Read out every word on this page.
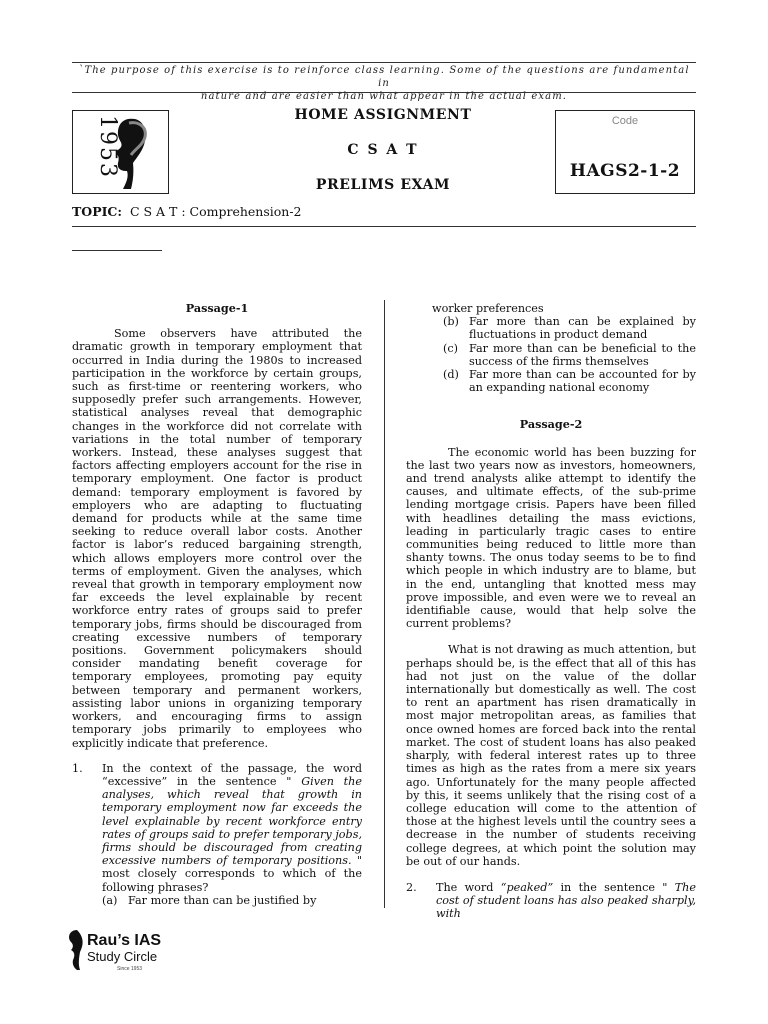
`The purpose of this exercise is to reinforce class learning. Some of the questions are fundamental in
nature and are easier than what appear in the actual exam.
1953	HOME ASSIGNMENT
C S A T
PRELIMS EXAM
Code
HAGS2-1-2
TOPIC: C S A T : Comprehension-2

Passage-1

Some observers have attributed the dramatic growth in temporary employment that occurred in India during the 1980s to increased participation in the workforce by certain groups, such as first-time or reentering workers, who supposedly prefer such arrangements. However, statistical analyses reveal that demographic changes in the workforce did not correlate with variations in the total number of temporary workers. Instead, these analyses suggest that factors affecting employers account for the rise in temporary employment. One factor is product demand: temporary employment is favored by employers who are adapting to fluctuating demand for products while at the same time seeking to reduce overall labor costs. Another factor is labor’s reduced bargaining strength, which allows employers more control over the terms of employment. Given the analyses, which reveal that growth in temporary employment now far exceeds the level explainable by recent workforce entry rates of groups said to prefer temporary jobs, firms should be discouraged from creating excessive numbers of temporary positions. Government policymakers should consider mandating benefit coverage for temporary employees, promoting pay equity between temporary and permanent workers, assisting labor unions in organizing temporary workers, and encouraging firms to assign temporary jobs primarily to employees who explicitly indicate that preference.

1.	In the context of the passage, the word “excessive” in the sentence " Given the analyses, which reveal that growth in temporary employment now far exceeds the level explainable by recent workforce entry rates of groups said to prefer temporary jobs, firms should be discouraged from creating excessive numbers of temporary positions. " most closely corresponds to which of the following phrases?
(a) Far more than can be justified by
worker preferences
(b) Far more than can be explained by fluctuations in product demand
(c) Far more than can be beneficial to the success of the firms themselves
(d) Far more than can be accounted for by an expanding national economy

Passage-2

The economic world has been buzzing for the last two years now as investors, homeowners, and trend analysts alike attempt to identify the causes, and ultimate effects, of the sub-prime lending mortgage crisis. Papers have been filled with headlines detailing the mass evictions, leading in particularly tragic cases to entire communities being reduced to little more than shanty towns. The onus today seems to be to find which people in which industry are to blame, but in the end, untangling that knotted mess may prove impossible, and even were we to reveal an identifiable cause, would that help solve the current problems?

What is not drawing as much attention, but perhaps should be, is the effect that all of this has had not just on the value of the dollar internationally but domestically as well. The cost to rent an apartment has risen dramatically in most major metropolitan areas, as families that once owned homes are forced back into the rental market. The cost of student loans has also peaked sharply, with federal interest rates up to three times as high as the rates from a mere six years ago. Unfortunately for the many people affected by this, it seems unlikely that the rising cost of a college education will come to the attention of those at the highest levels until the country sees a decrease in the number of students receiving college degrees, at which point the solution may be out of our hands.

2.	The word “peaked” in the sentence " The cost of student loans has also peaked sharply, with
Rau’s IAS
Study Circle
Since 1953
